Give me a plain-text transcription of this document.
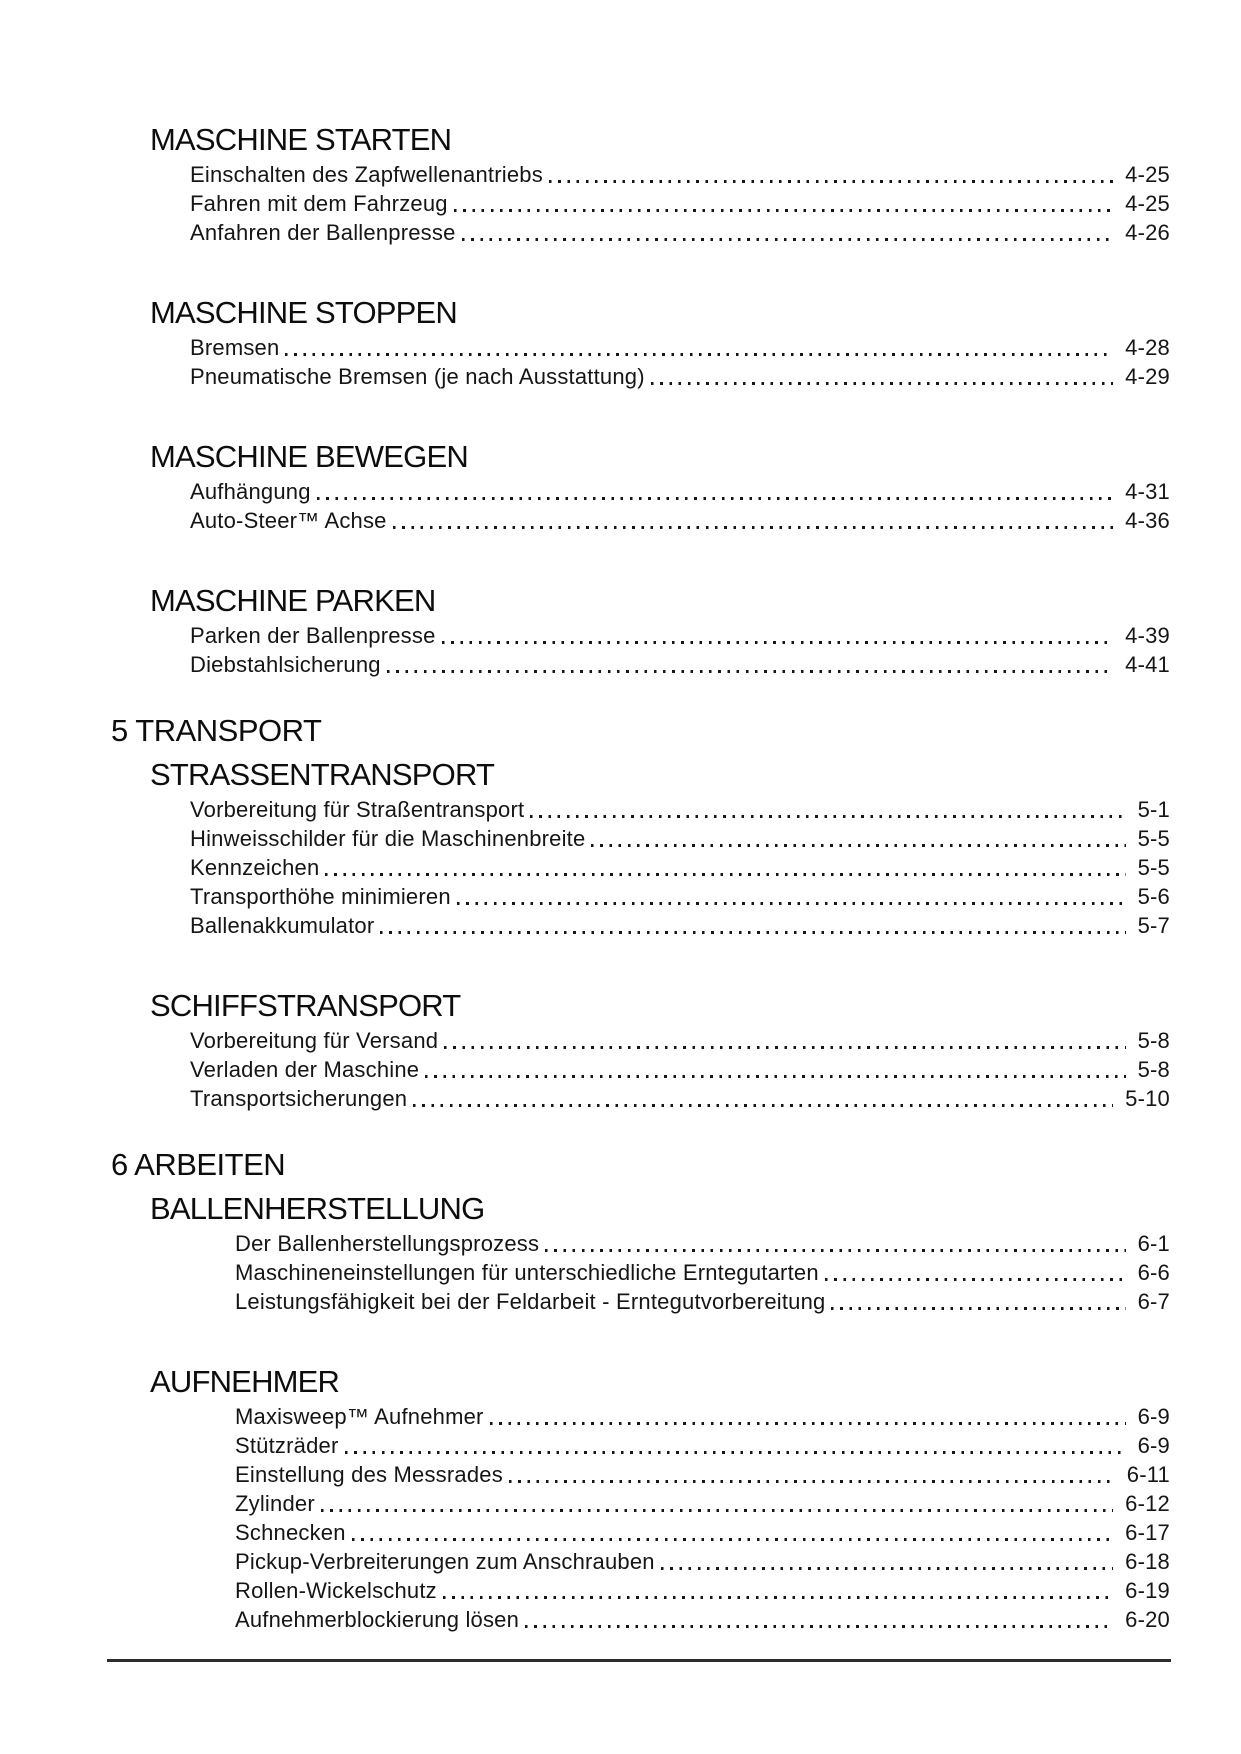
MASCHINE STARTEN
Einschalten des Zapfwellenantriebs	4-25
Fahren mit dem Fahrzeug	4-25
Anfahren der Ballenpresse	4-26
MASCHINE STOPPEN
Bremsen	4-28
Pneumatische Bremsen (je nach Ausstattung)	4-29
MASCHINE BEWEGEN
Aufhängung	4-31
Auto-Steer™ Achse	4-36
MASCHINE PARKEN
Parken der Ballenpresse	4-39
Diebstahlsicherung	4-41
5 TRANSPORT
STRASSENTRANSPORT
Vorbereitung für Straßentransport	5-1
Hinweisschilder für die Maschinenbreite	5-5
Kennzeichen	5-5
Transporthöhe minimieren	5-6
Ballenakkumulator	5-7
SCHIFFSTRANSPORT
Vorbereitung für Versand	5-8
Verladen der Maschine	5-8
Transportsicherungen	5-10
6 ARBEITEN
BALLENHERSTELLUNG
Der Ballenherstellungsprozess	6-1
Maschineneinstellungen für unterschiedliche Erntegutarten	6-6
Leistungsfähigkeit bei der Feldarbeit - Erntegutvorbereitung	6-7
AUFNEHMER
Maxisweep™ Aufnehmer	6-9
Stützräder	6-9
Einstellung des Messrades	6-11
Zylinder	6-12
Schnecken	6-17
Pickup-Verbreiterungen zum Anschrauben	6-18
Rollen-Wickelschutz	6-19
Aufnehmerblockierung lösen	6-20
